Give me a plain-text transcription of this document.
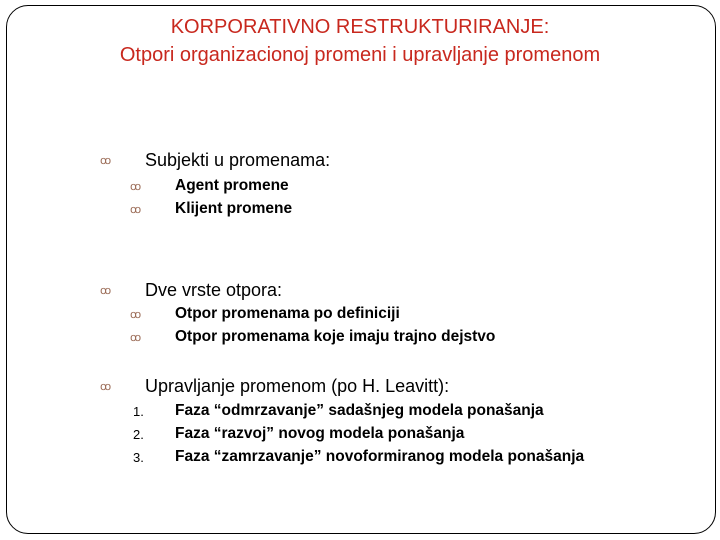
KORPORATIVNO RESTRUKTURIRANJE:
Otpori organizacionoj promeni i upravljanje promenom
ꝏ Subjekti u promenama:
ꝏ Agent promene
ꝏ Klijent promene
ꝏ Dve vrste otpora:
ꝏ Otpor promenama po definiciji
ꝏ Otpor promenama koje imaju trajno dejstvo
ꝏ Upravljanje promenom (po H. Leavitt):
1. Faza “odmrzavanje” sadašnjeg modela ponašanja
2. Faza “razvoj” novog modela ponašanja
3. Faza “zamrzavanje” novoformiranog modela ponašanja
